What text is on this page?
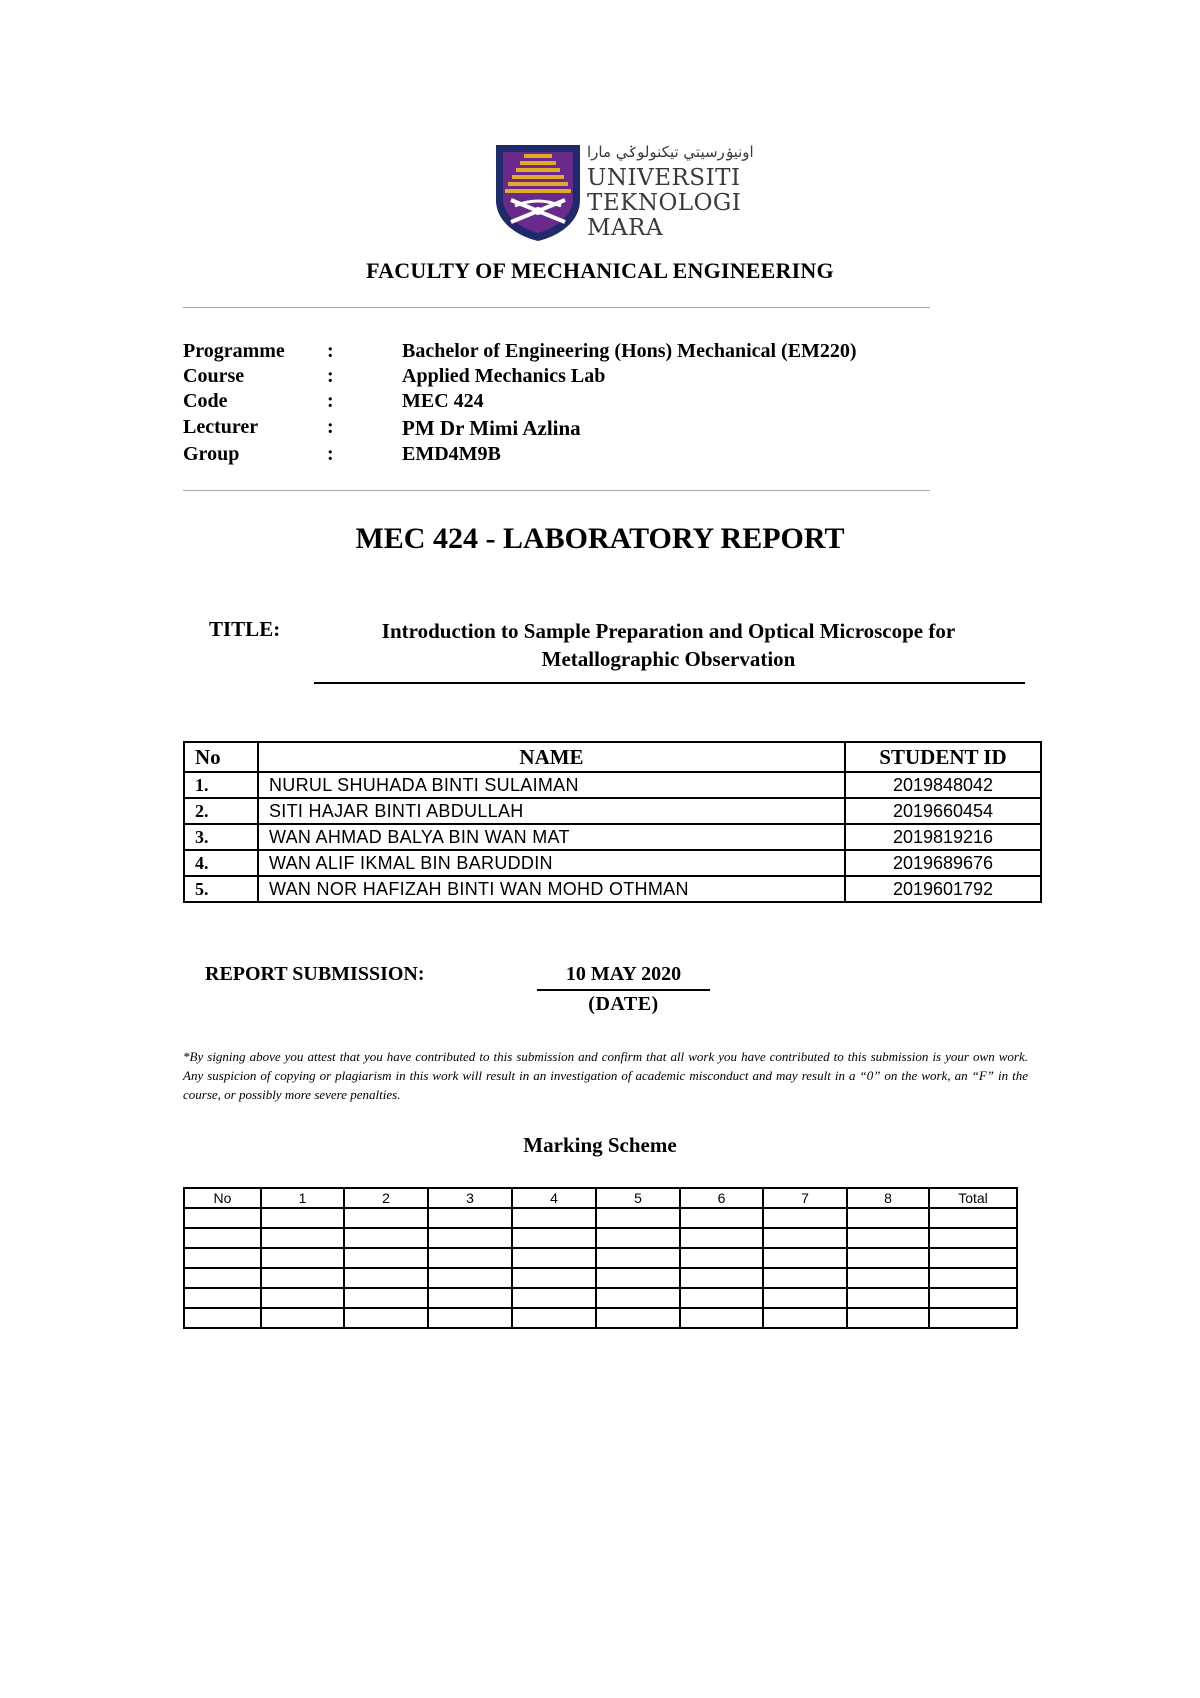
اونيۏرسيتي تيكنولوݢي مارا
UNIVERSITI
TEKNOLOGI
MARA
FACULTY OF MECHANICAL ENGINEERING
Programme :	Bachelor of Engineering (Hons) Mechanical (EM220)
Course	:	Applied Mechanics Lab
Code	:	MEC 424
Lecturer	:	PM Dr Mimi Azlina
Group	:	EMD4M9B
MEC 424 - LABORATORY REPORT
TITLE:	Introduction to Sample Preparation and Optical Microscope for Metallographic Observation
No	NAME	STUDENT ID
1.	NURUL SHUHADA BINTI SULAIMAN	2019848042
2.	SITI HAJAR BINTI ABDULLAH	2019660454
3.	WAN AHMAD BALYA BIN WAN MAT	2019819216
4.	WAN ALIF IKMAL BIN BARUDDIN	2019689676
5.	WAN NOR HAFIZAH BINTI WAN MOHD OTHMAN	2019601792
REPORT SUBMISSION:	10 MAY 2020
(DATE)
*By signing above you attest that you have contributed to this submission and confirm that all work you have contributed to this submission is your own work. Any suspicion of copying or plagiarism in this work will result in an investigation of academic misconduct and may result in a “0” on the work, an “F” in the course, or possibly more severe penalties.
Marking Scheme
No	1	2	3	4	5	6	7	8	Total
